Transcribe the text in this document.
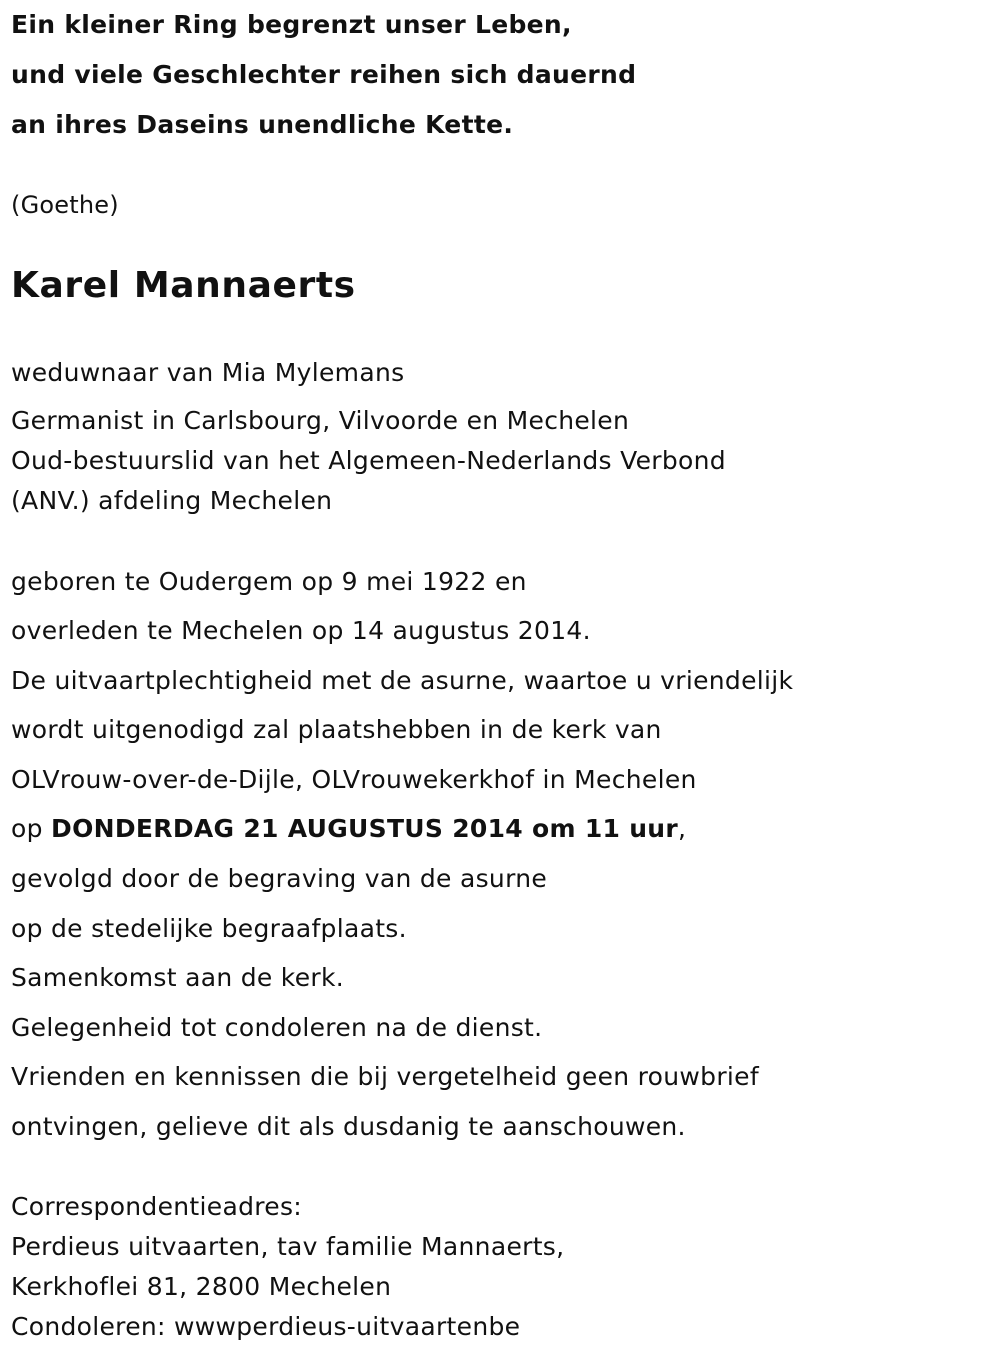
Ein kleiner Ring begrenzt unser Leben,
und viele Geschlechter reihen sich dauernd
an ihres Daseins unendliche Kette.
(Goethe)
Karel Mannaerts
weduwnaar van Mia Mylemans
Germanist in Carlsbourg, Vilvoorde en Mechelen
Oud-bestuurslid van het Algemeen-Nederlands Verbond
(ANV.) afdeling Mechelen
geboren te Oudergem op 9 mei 1922 en
overleden te Mechelen op 14 augustus 2014.
De uitvaartplechtigheid met de asurne, waartoe u vriendelijk
wordt uitgenodigd zal plaatshebben in de kerk van
OLVrouw-over-de-Dijle, OLVrouwekerkhof in Mechelen
op DONDERDAG 21 AUGUSTUS 2014 om 11 uur,
gevolgd door de begraving van de asurne
op de stedelijke begraafplaats.
Samenkomst aan de kerk.
Gelegenheid tot condoleren na de dienst.
Vrienden en kennissen die bij vergetelheid geen rouwbrief
ontvingen, gelieve dit als dusdanig te aanschouwen.
Correspondentieadres:
Perdieus uitvaarten, tav familie Mannaerts,
Kerkhoflei 81, 2800 Mechelen
Condoleren: wwwperdieus-uitvaartenbe
